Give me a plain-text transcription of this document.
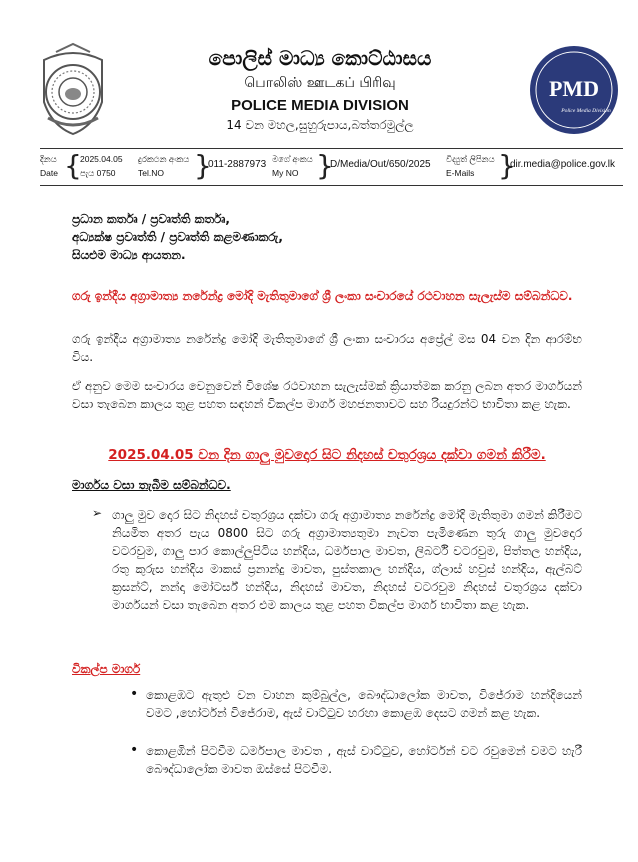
PMD
Police Media Division
පොලිස් මාධ්‍ය කොට්ඨාසය
பொலிஸ் ஊடகப் பிரிவு
POLICE MEDIA DIVISION
14 වන මහල,සුහුරුපාය,බත්තරමුල්ල
දිනය
Date {
2025.04.05
පැය 0750
දුරකථන අංකය
Tel.NO	}
011-2887973 මගේ අංකය
My NO }
D/Media/Out/650/2025 විද්‍යුත් ලිපිනය
E-Mails }
dir.media@police.gov.lk
ප්‍රධාන කර්තෘ / ප්‍රවෘත්ති කර්තෘ,
අධ්‍යක්ෂ ප්‍රවෘත්ති / ප්‍රවෘත්ති කළමණාකරු,
සියළුම මාධ්‍ය ආයතන.
ගරු ඉන්දීය අග්‍රාමාත්‍ය නරේන්ද්‍ර මෝදි මැතිතුමාගේ ශ්‍රී ලංකා සංචාරයේ රථවාහන සැලැස්ම සම්බන්ධව.
ගරු ඉන්දීය අග්‍රාමාත්‍ය නරේන්ද්‍ර මෝදි මැතිතුමාගේ ශ්‍රී ලංකා සංචාරය අප්‍රේල් මස 04 වන දින ආරම්භ විය.
ඒ අනුව මෙම සංචාරය වෙනුවෙන් විශේෂ රථවාහන සැලැස්මක් ක්‍රියාත්මක කරනු ලබන අතර මාර්ගයන් වසා තැබෙන කාලය තුළ පහත සඳහන් විකල්ප මාර්ග මහජනතාවට සහ රියදුරන්ට භාවිතා කළ හැක.
2025.04.05 වන දින ගාලු මුවදොර සිට නිදහස් චතුරශ්‍රය දක්වා ගමන් කිරීම.
මාර්ගය වසා තැබීම සම්බන්ධව.
➢ ගාලු මුව දොර සිට නිදහස් චතුරශ්‍රය දක්වා ගරු අග්‍රාමාත්‍ය නරේන්ද්‍ර මෝදි මැතිතුමා ගමන් කිරීමට නියමිත අතර පැය 0800 සිට ගරු අග්‍රාමාත්‍යතුමා නැවත පැමිණෙන තුරු ගාලු මුවදොර වටරවුම, ගාලු පාර කොල්ලුපිටිය හන්දිය, ධර්මපාල මාවත, ලිබර්ටි වටරවුම, පිත්තල හන්දිය, රතු කුරුස හන්දිය මාකස් ප්‍රනාන්දු මාවත, පුස්තකාල හන්දිය, ග්ලාස් හවුස් හන්දිය, ඇල්බට් ක්‍රසන්ට්, නන්දා මෝටර්ස් හන්දිය, නිදහස් මාවත, නිදහස් වටරවුම නිදහස් චතුරශ්‍රය දක්වා මාර්ගයන් වසා තැබෙන අතර එම කාලය තුළ පහත විකල්ප මාර්ග භාවිතා කළ හැක.
විකල්ප මාර්ග
• කොළඹට ඇතුළු වන වාහන කුම්බුල්ල, බෞද්ධාලෝක මාවත, විජේරාම හන්දියෙන් වමට ,හෝර්ටන් විජේරාම, ඇස් වාට්ටුව හරහා කොළඹ දෙසට ගමන් කළ හැක.
• කොළඹින් පිටවීම ධර්මපාල මාවත , ඇස් වාට්ටුව, හෝර්ටන් වට රවුමෙන් වමට හැරී බෞද්ධාලෝක මාවත ඔස්සේ පිටවීම.
